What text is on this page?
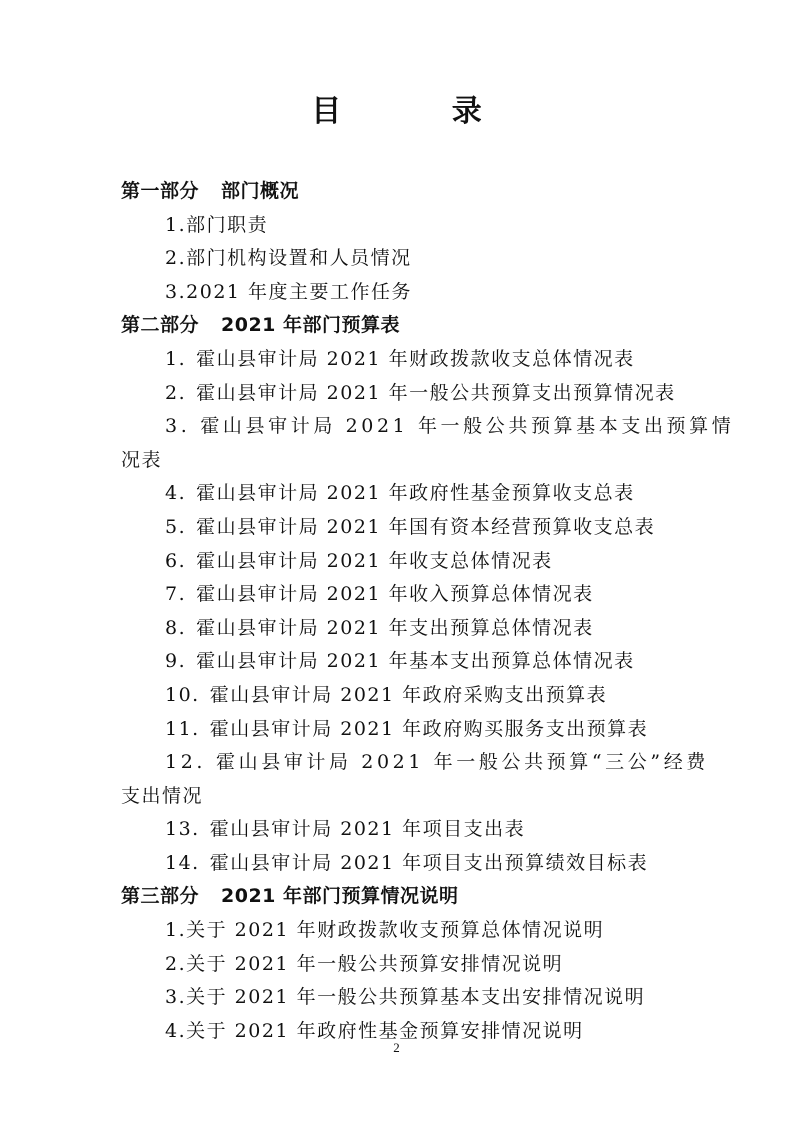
目 录
第一部分 部门概况
1.部门职责
2.部门机构设置和人员情况
3.2021 年度主要工作任务
第二部分 2021 年部门预算表
1. 霍山县审计局 2021 年财政拨款收支总体情况表
2. 霍山县审计局 2021 年一般公共预算支出预算情况表
3. 霍山县审计局 2021 年一般公共预算基本支出预算情
况表
4. 霍山县审计局 2021 年政府性基金预算收支总表
5. 霍山县审计局 2021 年国有资本经营预算收支总表
6. 霍山县审计局 2021 年收支总体情况表
7. 霍山县审计局 2021 年收入预算总体情况表
8. 霍山县审计局 2021 年支出预算总体情况表
9. 霍山县审计局 2021 年基本支出预算总体情况表
10. 霍山县审计局 2021 年政府采购支出预算表
11. 霍山县审计局 2021 年政府购买服务支出预算表
12. 霍山县审计局 2021 年一般公共预算“三公”经费
支出情况
13. 霍山县审计局 2021 年项目支出表
14. 霍山县审计局 2021 年项目支出预算绩效目标表
第三部分 2021 年部门预算情况说明
1.关于 2021 年财政拨款收支预算总体情况说明
2.关于 2021 年一般公共预算安排情况说明
3.关于 2021 年一般公共预算基本支出安排情况说明
4.关于 2021 年政府性基金预算安排情况说明
2
